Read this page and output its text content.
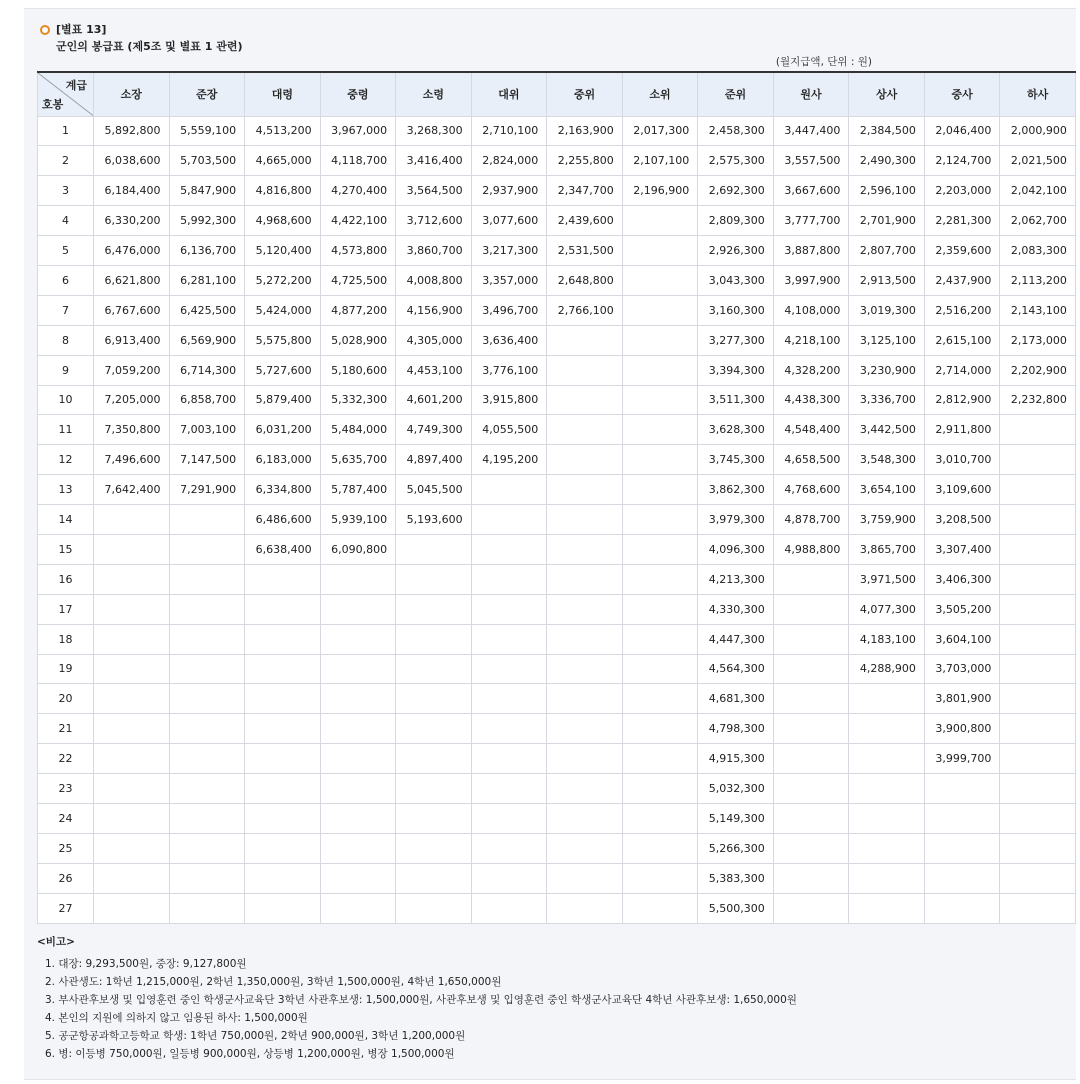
[별표 13]
군인의 봉급표 (제5조 및 별표 1 관련)
(월지급액, 단위 : 원)
계급
호봉	소장	준장	대령	중령	소령	대위	중위	소위	준위	원사	상사	중사	하사
1	5,892,800	5,559,100	4,513,200	3,967,000	3,268,300	2,710,100	2,163,900	2,017,300	2,458,300	3,447,400	2,384,500	2,046,400	2,000,900
2	6,038,600	5,703,500	4,665,000	4,118,700	3,416,400	2,824,000	2,255,800	2,107,100	2,575,300	3,557,500	2,490,300	2,124,700	2,021,500
3	6,184,400	5,847,900	4,816,800	4,270,400	3,564,500	2,937,900	2,347,700	2,196,900	2,692,300	3,667,600	2,596,100	2,203,000	2,042,100
4	6,330,200	5,992,300	4,968,600	4,422,100	3,712,600	3,077,600	2,439,600		2,809,300	3,777,700	2,701,900	2,281,300	2,062,700
5	6,476,000	6,136,700	5,120,400	4,573,800	3,860,700	3,217,300	2,531,500		2,926,300	3,887,800	2,807,700	2,359,600	2,083,300
6	6,621,800	6,281,100	5,272,200	4,725,500	4,008,800	3,357,000	2,648,800		3,043,300	3,997,900	2,913,500	2,437,900	2,113,200
7	6,767,600	6,425,500	5,424,000	4,877,200	4,156,900	3,496,700	2,766,100		3,160,300	4,108,000	3,019,300	2,516,200	2,143,100
8	6,913,400	6,569,900	5,575,800	5,028,900	4,305,000	3,636,400			3,277,300	4,218,100	3,125,100	2,615,100	2,173,000
9	7,059,200	6,714,300	5,727,600	5,180,600	4,453,100	3,776,100			3,394,300	4,328,200	3,230,900	2,714,000	2,202,900
10	7,205,000	6,858,700	5,879,400	5,332,300	4,601,200	3,915,800			3,511,300	4,438,300	3,336,700	2,812,900	2,232,800
11	7,350,800	7,003,100	6,031,200	5,484,000	4,749,300	4,055,500			3,628,300	4,548,400	3,442,500	2,911,800	
12	7,496,600	7,147,500	6,183,000	5,635,700	4,897,400	4,195,200			3,745,300	4,658,500	3,548,300	3,010,700	
13	7,642,400	7,291,900	6,334,800	5,787,400	5,045,500				3,862,300	4,768,600	3,654,100	3,109,600	
14			6,486,600	5,939,100	5,193,600				3,979,300	4,878,700	3,759,900	3,208,500	
15			6,638,400	6,090,800					4,096,300	4,988,800	3,865,700	3,307,400	
16									4,213,300		3,971,500	3,406,300	
17									4,330,300		4,077,300	3,505,200	
18									4,447,300		4,183,100	3,604,100	
19									4,564,300		4,288,900	3,703,000	
20									4,681,300			3,801,900	
21									4,798,300			3,900,800	
22									4,915,300			3,999,700	
23									5,032,300				
24									5,149,300				
25									5,266,300				
26									5,383,300				
27									5,500,300				
<비고>
1. 대장: 9,293,500원, 중장: 9,127,800원
2. 사관생도: 1학년 1,215,000원, 2학년 1,350,000원, 3학년 1,500,000원, 4학년 1,650,000원
3. 부사관후보생 및 입영훈련 중인 학생군사교육단 3학년 사관후보생: 1,500,000원, 사관후보생 및 입영훈련 중인 학생군사교육단 4학년 사관후보생: 1,650,000원
4. 본인의 지원에 의하지 않고 임용된 하사: 1,500,000원
5. 공군항공과학고등학교 학생: 1학년 750,000원, 2학년 900,000원, 3학년 1,200,000원
6. 병: 이등병 750,000원, 일등병 900,000원, 상등병 1,200,000원, 병장 1,500,000원
